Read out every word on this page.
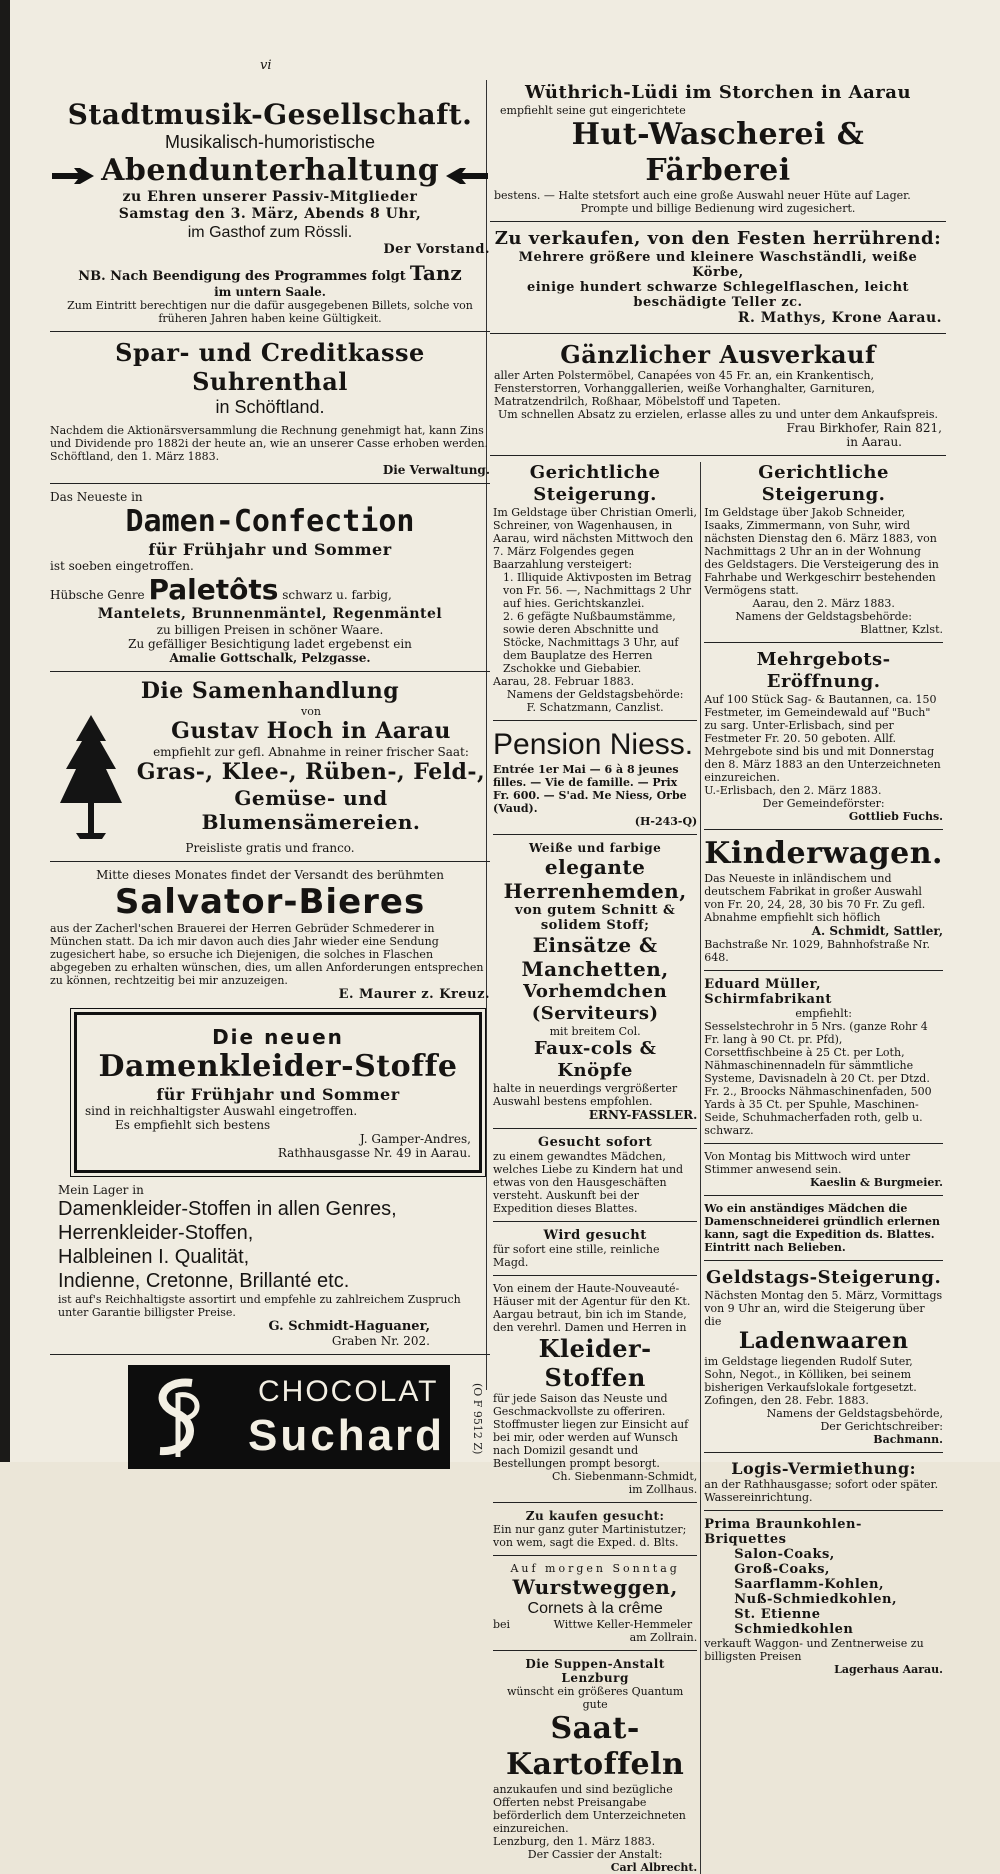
vi
Stadtmusik-Gesellschaft.
Musikalisch-humoristische
Abendunterhaltung
zu Ehren unserer Passiv-Mitglieder
Samstag den 3. März, Abends 8 Uhr,
im Gasthof zum Rössli.
Der Vorstand.
NB. Nach Beendigung des Programmes folgt Tanz
im untern Saale.
Zum Eintritt berechtigen nur die dafür ausgegebenen Billets, solche von früheren Jahren haben keine Gültigkeit.
Spar- und Creditkasse Suhrenthal
in Schöftland.
Nachdem die Aktionärsversammlung die Rechnung genehmigt hat, kann Zins und Dividende pro 1882i der heute an, wie an unserer Casse erhoben werden.
Schöftland, den 1. März 1883.
Die Verwaltung.
Das Neueste in
Damen-Confection
für Frühjahr und Sommer
ist soeben eingetroffen.
Hübsche Genre Paletôts schwarz u. farbig,
Mantelets, Brunnenmäntel, Regenmäntel
zu billigen Preisen in schöner Waare.
Zu gefälliger Besichtigung ladet ergebenst ein
Amalie Gottschalk, Pelzgasse.
Die Samenhandlung
von
Gustav Hoch in Aarau
empfiehlt zur gefl. Abnahme in reiner frischer Saat:
Gras-, Klee-, Rüben-, Feld-,
Gemüse- und Blumensämereien.
Preisliste gratis und franco.
Mitte dieses Monates findet der Versandt des berühmten
Salvator-Bieres
aus der Zacherl'schen Brauerei der Herren Gebrüder Schmederer in München statt. Da ich mir davon auch dies Jahr wieder eine Sendung zugesichert habe, so ersuche ich Diejenigen, die solches in Flaschen abgegeben zu erhalten wünschen, dies, um allen Anforderungen entsprechen zu können, rechtzeitig bei mir anzuzeigen.
E. Maurer z. Kreuz.
Die neuen
Damenkleider-Stoffe
für Frühjahr und Sommer
sind in reichhaltigster Auswahl eingetroffen.
Es empfiehlt sich bestens
J. Gamper-Andres,
Rathhausgasse Nr. 49 in Aarau.
Mein Lager in
Damenkleider-Stoffen in allen Genres,
Herrenkleider-Stoffen,
Halbleinen I. Qualität,
Indienne, Cretonne, Brillanté etc.
ist auf's Reichhaltigste assortirt und empfehle zu zahlreichem Zuspruch unter Garantie billigster Preise.
G. Schmidt-Haguaner,
Graben Nr. 202.
CHOCOLAT
Suchard (O F 9512 Z)
Wüthrich-Lüdi im Storchen in Aarau
empfiehlt seine gut eingerichtete
Hut-Wascherei & Färberei
bestens. — Halte stetsfort auch eine große Auswahl neuer Hüte auf Lager.
Prompte und billige Bedienung wird zugesichert.
Zu verkaufen, von den Festen herrührend:
Mehrere größere und kleinere Waschständli, weiße Körbe,
einige hundert schwarze Schlegelflaschen, leicht beschädigte Teller zc.
R. Mathys, Krone Aarau.
Gänzlicher Ausverkauf
aller Arten Polstermöbel, Canapées von 45 Fr. an, ein Krankentisch, Fensterstorren, Vorhanggallerien, weiße Vorhanghalter, Garnituren, Matratzendrilch, Roßhaar, Möbelstoff und Tapeten.
Um schnellen Absatz zu erzielen, erlasse alles zu und unter dem Ankaufspreis.
Frau Birkhofer, Rain 821,
in Aarau.
Gerichtliche Steigerung.
Im Geldstage über Christian Omerli, Schreiner, von Wagenhausen, in Aarau, wird nächsten Mittwoch den 7. März Folgendes gegen Baarzahlung versteigert:
1. Illiquide Aktivposten im Betrag von Fr. 56. —, Nachmittags 2 Uhr auf hies. Gerichtskanzlei.
2. 6 gefägte Nußbaumstämme, sowie deren Abschnitte und Stöcke, Nachmittags 3 Uhr, auf dem Bauplatze des Herren Zschokke und Giebabier.
Aarau, 28. Februar 1883.
Namens der Geldstagsbehörde:
F. Schatzmann, Canzlist.
Pension Niess.
Entrée 1er Mai — 6 à 8 jeunes filles. — Vie de famille. — Prix Fr. 600. — S'ad. Me Niess, Orbe (Vaud).
(H-243-Q)
Weiße und farbige
elegante Herrenhemden,
von gutem Schnitt & solidem Stoff;
Einsätze & Manchetten,
Vorhemdchen (Serviteurs)
mit breitem Col.
Faux-cols & Knöpfe
halte in neuerdings vergrößerter Auswahl bestens empfohlen.
ERNY-FASSLER.
Gesucht sofort
zu einem gewandtes Mädchen, welches Liebe zu Kindern hat und etwas von den Hausgeschäften versteht. Auskunft bei der Expedition dieses Blattes.
Wird gesucht
für sofort eine stille, reinliche Magd.
Von einem der Haute-Nouveauté-Häuser mit der Agentur für den Kt. Aargau betraut, bin ich im Stande, den verehrl. Damen und Herren in
Kleider-Stoffen
für jede Saison das Neuste und Geschmackvollste zu offeriren. Stoffmuster liegen zur Einsicht auf bei mir, oder werden auf Wunsch nach Domizil gesandt und Bestellungen prompt besorgt.
Ch. Siebenmann-Schmidt,
im Zollhaus.
Zu kaufen gesucht:
Ein nur ganz guter Martinistutzer; von wem, sagt die Exped. d. Blts.
Auf morgen Sonntag
Wurstweggen,
Cornets à la crême
bei	Wittwe Keller-Hemmeler
am Zollrain.
Die Suppen-Anstalt Lenzburg
wünscht ein größeres Quantum gute
Saat-Kartoffeln
anzukaufen und sind bezügliche Offerten nebst Preisangabe beförderlich dem Unterzeichneten einzureichen.
Lenzburg, den 1. März 1883.
Der Cassier der Anstalt:
Carl Albrecht.
Gerichtliche Steigerung.
Im Geldstage über Jakob Schneider, Isaaks, Zimmermann, von Suhr, wird nächsten Dienstag den 6. März 1883, von Nachmittags 2 Uhr an in der Wohnung des Geldstagers. Die Versteigerung des in Fahrhabe und Werkgeschirr bestehenden Vermögens statt.
Aarau, den 2. März 1883.
Namens der Geldstagsbehörde:
Blattner, Kzlst.
Mehrgebots-Eröffnung.
Auf 100 Stück Sag- & Bautannen, ca. 150 Festmeter, im Gemeindewald auf "Buch" zu sarg. Unter-Erlisbach, sind per Festmeter Fr. 20. 50 geboten. Allf. Mehrgebote sind bis und mit Donnerstag den 8. März 1883 an den Unterzeichneten einzureichen.
U.-Erlisbach, den 2. März 1883.
Der Gemeindeförster:
Gottlieb Fuchs.
Kinderwagen.
Das Neueste in inländischem und deutschem Fabrikat in großer Auswahl von Fr. 20, 24, 28, 30 bis 70 Fr. Zu gefl. Abnahme empfiehlt sich höflich
A. Schmidt, Sattler,
Bachstraße Nr. 1029, Bahnhofstraße Nr. 648.
Eduard Müller, Schirmfabrikant
empfiehlt:
Sesselstechrohr in 5 Nrs. (ganze Rohr 4 Fr. lang à 90 Ct. pr. Pfd), Corsettfischbeine à 25 Ct. per Loth, Nähmaschinennadeln für sämmtliche Systeme, Davisnadeln à 20 Ct. per Dtzd. Fr. 2., Broocks Nähmaschinenfaden, 500 Yards à 35 Ct. per Spuhle, Maschinen-Seide, Schuhmacherfaden roth, gelb u. schwarz.
Von Montag bis Mittwoch wird unter Stimmer anwesend sein.
Kaeslin & Burgmeier.
Wo ein anständiges Mädchen die Damenschneiderei gründlich erlernen kann, sagt die Expedition ds. Blattes. Eintritt nach Belieben.
Geldstags-Steigerung.
Nächsten Montag den 5. März, Vormittags von 9 Uhr an, wird die Steigerung über die
Ladenwaaren
im Geldstage liegenden Rudolf Suter, Sohn, Negot., in Kölliken, bei seinem bisherigen Verkaufslokale fortgesetzt.
Zofingen, den 28. Febr. 1883.
Namens der Geldstagsbehörde,
Der Gerichtschreiber:
Bachmann.
Logis-Vermiethung:
an der Rathhausgasse; sofort oder später. Wassereinrichtung.
Prima Braunkohlen-Briquettes
Salon-Coaks,
Groß-Coaks,
Saarflamm-Kohlen,
Nuß-Schmiedkohlen,
St. Etienne Schmiedkohlen
verkauft Waggon- und Zentnerweise zu billigsten Preisen
Lagerhaus Aarau.
